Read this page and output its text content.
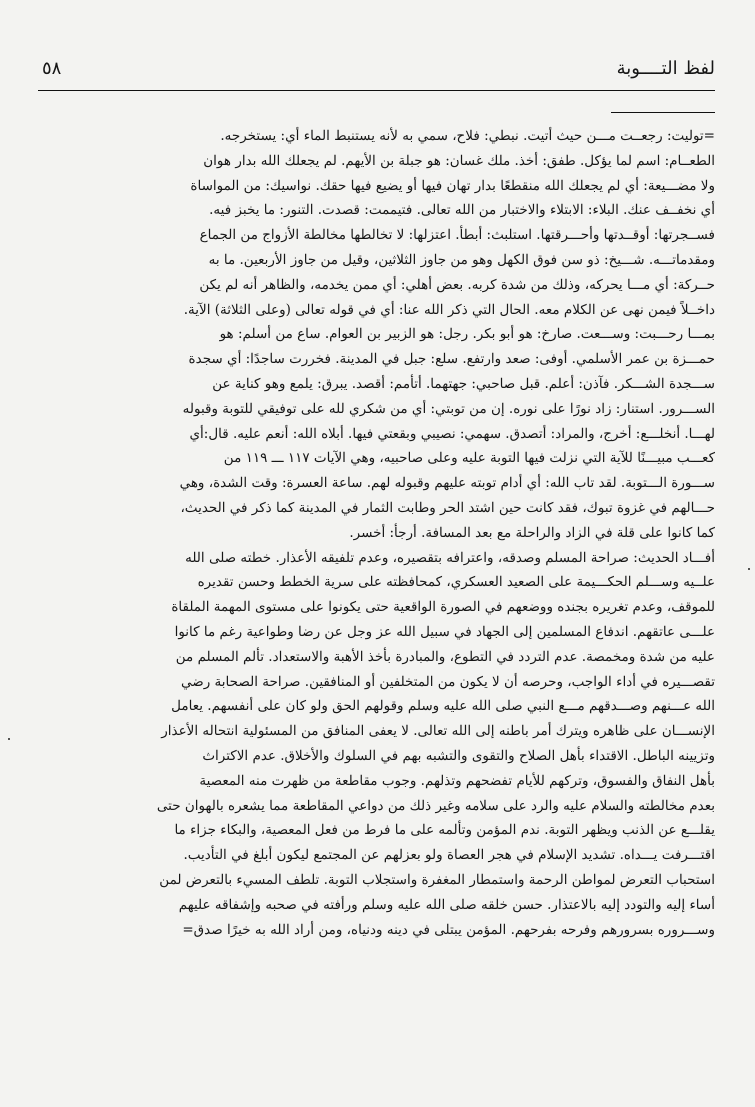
لفظ التــــوبة
٥٨
=توليت: رجعــت مـــن حيث أتيت. نبطي: فلاح، سمي به لأنه يستنبط الماء أي: يستخرجه.
الطعــام: اسم لما يؤكل. طفق: أخذ. ملك غسان: هو جبلة بن الأيهم. لم يجعلك الله بدار هوان
ولا مضـــيعة: أي لم يجعلك الله منقطعًا بدار تهان فيها أو يضيع فيها حقك. نواسيك: من المواساة
أي نخفــف عنك. البلاء: الابتلاء والاختبار من الله تعالى. فتيممت: قصدت. التنور: ما يخبز فيه.
فســجرتها: أوقــدتها وأحـــرقتها. استلبث: أبطأ. اعتزلها: لا تخالطها مخالطة الأزواج من الجماع
ومقدماتـــه. شـــيخ: ذو سن فوق الكهل وهو من جاوز الثلاثين، وقيل من جاوز الأربعين. ما به
حــركة: أي مـــا يحركه، وذلك من شدة كربه. بعض أهلي: أي ممن يخدمه، والظاهر أنه لم يكن
داخــلاً فيمن نهى عن الكلام معه. الحال التي ذكر الله عنا: أي في قوله تعالى (وعلى الثلاثة) الآية.
بمـــا رحـــبت: وســـعت. صارخ: هو أبو بكر. رجل: هو الزبير بن العوام. ساع من أسلم: هو
حمـــزة بن عمر الأسلمي. أوفى: صعد وارتفع. سلع: جبل في المدينة. فخررت ساجدًا: أي سجدة
ســـجدة الشـــكر. فآذن: أعلم. قبل صاحبي: جهتهما. أتأمم: أقصد. يبرق: يلمع وهو كناية عن
الســـرور. استنار: زاد نورًا على نوره. إن من توبتي: أي من شكري لله على توفيقي للتوبة وقبوله
لهـــا. أنخلـــع: أخرج، والمراد: أتصدق. سهمي: نصيبي وبقعتي فيها. أبلاه الله: أنعم عليه. قال:أي
كعـــب مبيـــنًا للآية التي نزلت فيها التوبة عليه وعلى صاحبيه، وهي الآيات ١١٧ ـــ ١١٩ من
ســـورة الـــتوبة. لقد تاب الله: أي أدام توبته عليهم وقبوله لهم. ساعة العسرة: وقت الشدة، وهي
حـــالهم في غزوة تبوك، فقد كانت حين اشتد الحر وطابت الثمار في المدينة كما ذكر في الحديث،
كما كانوا على قلة في الزاد والراحلة مع بعد المسافة. أرجأ: أخسر.
أفـــاد الحديث: صراحة المسلم وصدقه، واعترافه بتقصيره، وعدم تلفيقه الأعذار. خطته صلى الله
علــيه وســـلم الحكـــيمة على الصعيد العسكري، كمحافظته على سرية الخطط وحسن تقديره
للموقف، وعدم تغريره بجنده ووضعهم في الصورة الواقعية حتى يكونوا على مستوى المهمة الملقاة
علـــى عاتقهم. اندفاع المسلمين إلى الجهاد في سبيل الله عز وجل عن رضا وطواعية رغم ما كانوا
عليه من شدة ومخمصة. عدم التردد في التطوع، والمبادرة بأخذ الأهبة والاستعداد. تألم المسلم من
تقصـــيره في أداء الواجب، وحرصه أن لا يكون من المتخلفين أو المنافقين. صراحة الصحابة رضي
الله عـــنهم وصـــدقهم مـــع النبي صلى الله عليه وسلم وقولهم الحق ولو كان على أنفسهم. يعامل
الإنســـان على ظاهره ويترك أمر باطنه إلى الله تعالى. لا يعفى المنافق من المسئولية انتحاله الأعذار
وتزيينه الباطل. الاقتداء بأهل الصلاح والتقوى والتشبه بهم في السلوك والأخلاق. عدم الاكتراث
بأهل النفاق والفسوق، وتركهم للأيام تفضحهم وتذلهم. وجوب مقاطعة من ظهرت منه المعصية
بعدم مخالطته والسلام عليه والرد على سلامه وغير ذلك من دواعي المقاطعة مما يشعره بالهوان حتى
يقلـــع عن الذنب ويظهر التوبة. ندم المؤمن وتألمه على ما فرط من فعل المعصية، والبكاء جزاء ما
اقتـــرفت يـــداه. تشديد الإسلام في هجر العصاة ولو بعزلهم عن المجتمع ليكون أبلغ في التأديب.
استحباب التعرض لمواطن الرحمة واستمطار المغفرة واستجلاب التوبة. تلطف المسيء بالتعرض لمن
أساء إليه والتودد إليه بالاعتذار. حسن خلقه صلى الله عليه وسلم ورأفته في صحبه وإشفاقه عليهم
وســـروره بسرورهم وفرحه بفرحهم. المؤمن يبتلى في دينه ودنياه، ومن أراد الله به خيرًا صدق=
